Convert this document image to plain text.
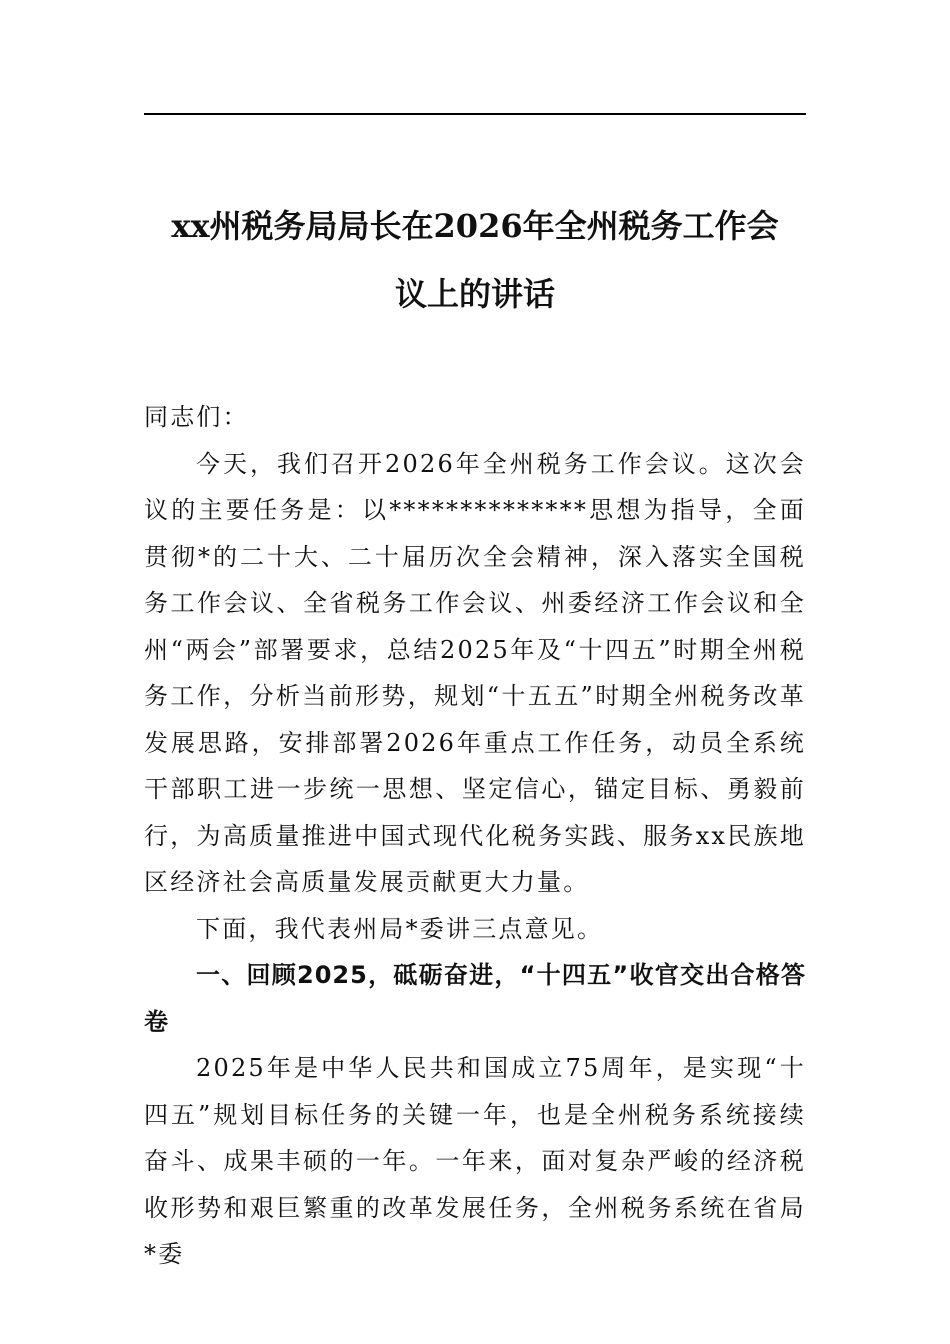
xx州税务局局长在2026年全州税务工作会
议上的讲话

同志们：

今天，我们召开2026年全州税务工作会议。这次会议的主要任务是：以**************思想为指导，全面贯彻*的二十大、二十届历次全会精神，深入落实全国税务工作会议、全省税务工作会议、州委经济工作会议和全州“两会”部署要求，总结2025年及“十四五”时期全州税务工作，分析当前形势，规划“十五五”时期全州税务改革发展思路，安排部署2026年重点工作任务，动员全系统干部职工进一步统一思想、坚定信心，锚定目标、勇毅前行，为高质量推进中国式现代化税务实践、服务xx民族地区经济社会高质量发展贡献更大力量。

下面，我代表州局*委讲三点意见。

一、回顾2025，砥砺奋进，“十四五”收官交出合格答卷

2025年是中华人民共和国成立75周年，是实现“十四五”规划目标任务的关键一年，也是全州税务系统接续奋斗、成果丰硕的一年。一年来，面对复杂严峻的经济税收形势和艰巨繁重的改革发展任务，全州税务系统在省局*委
